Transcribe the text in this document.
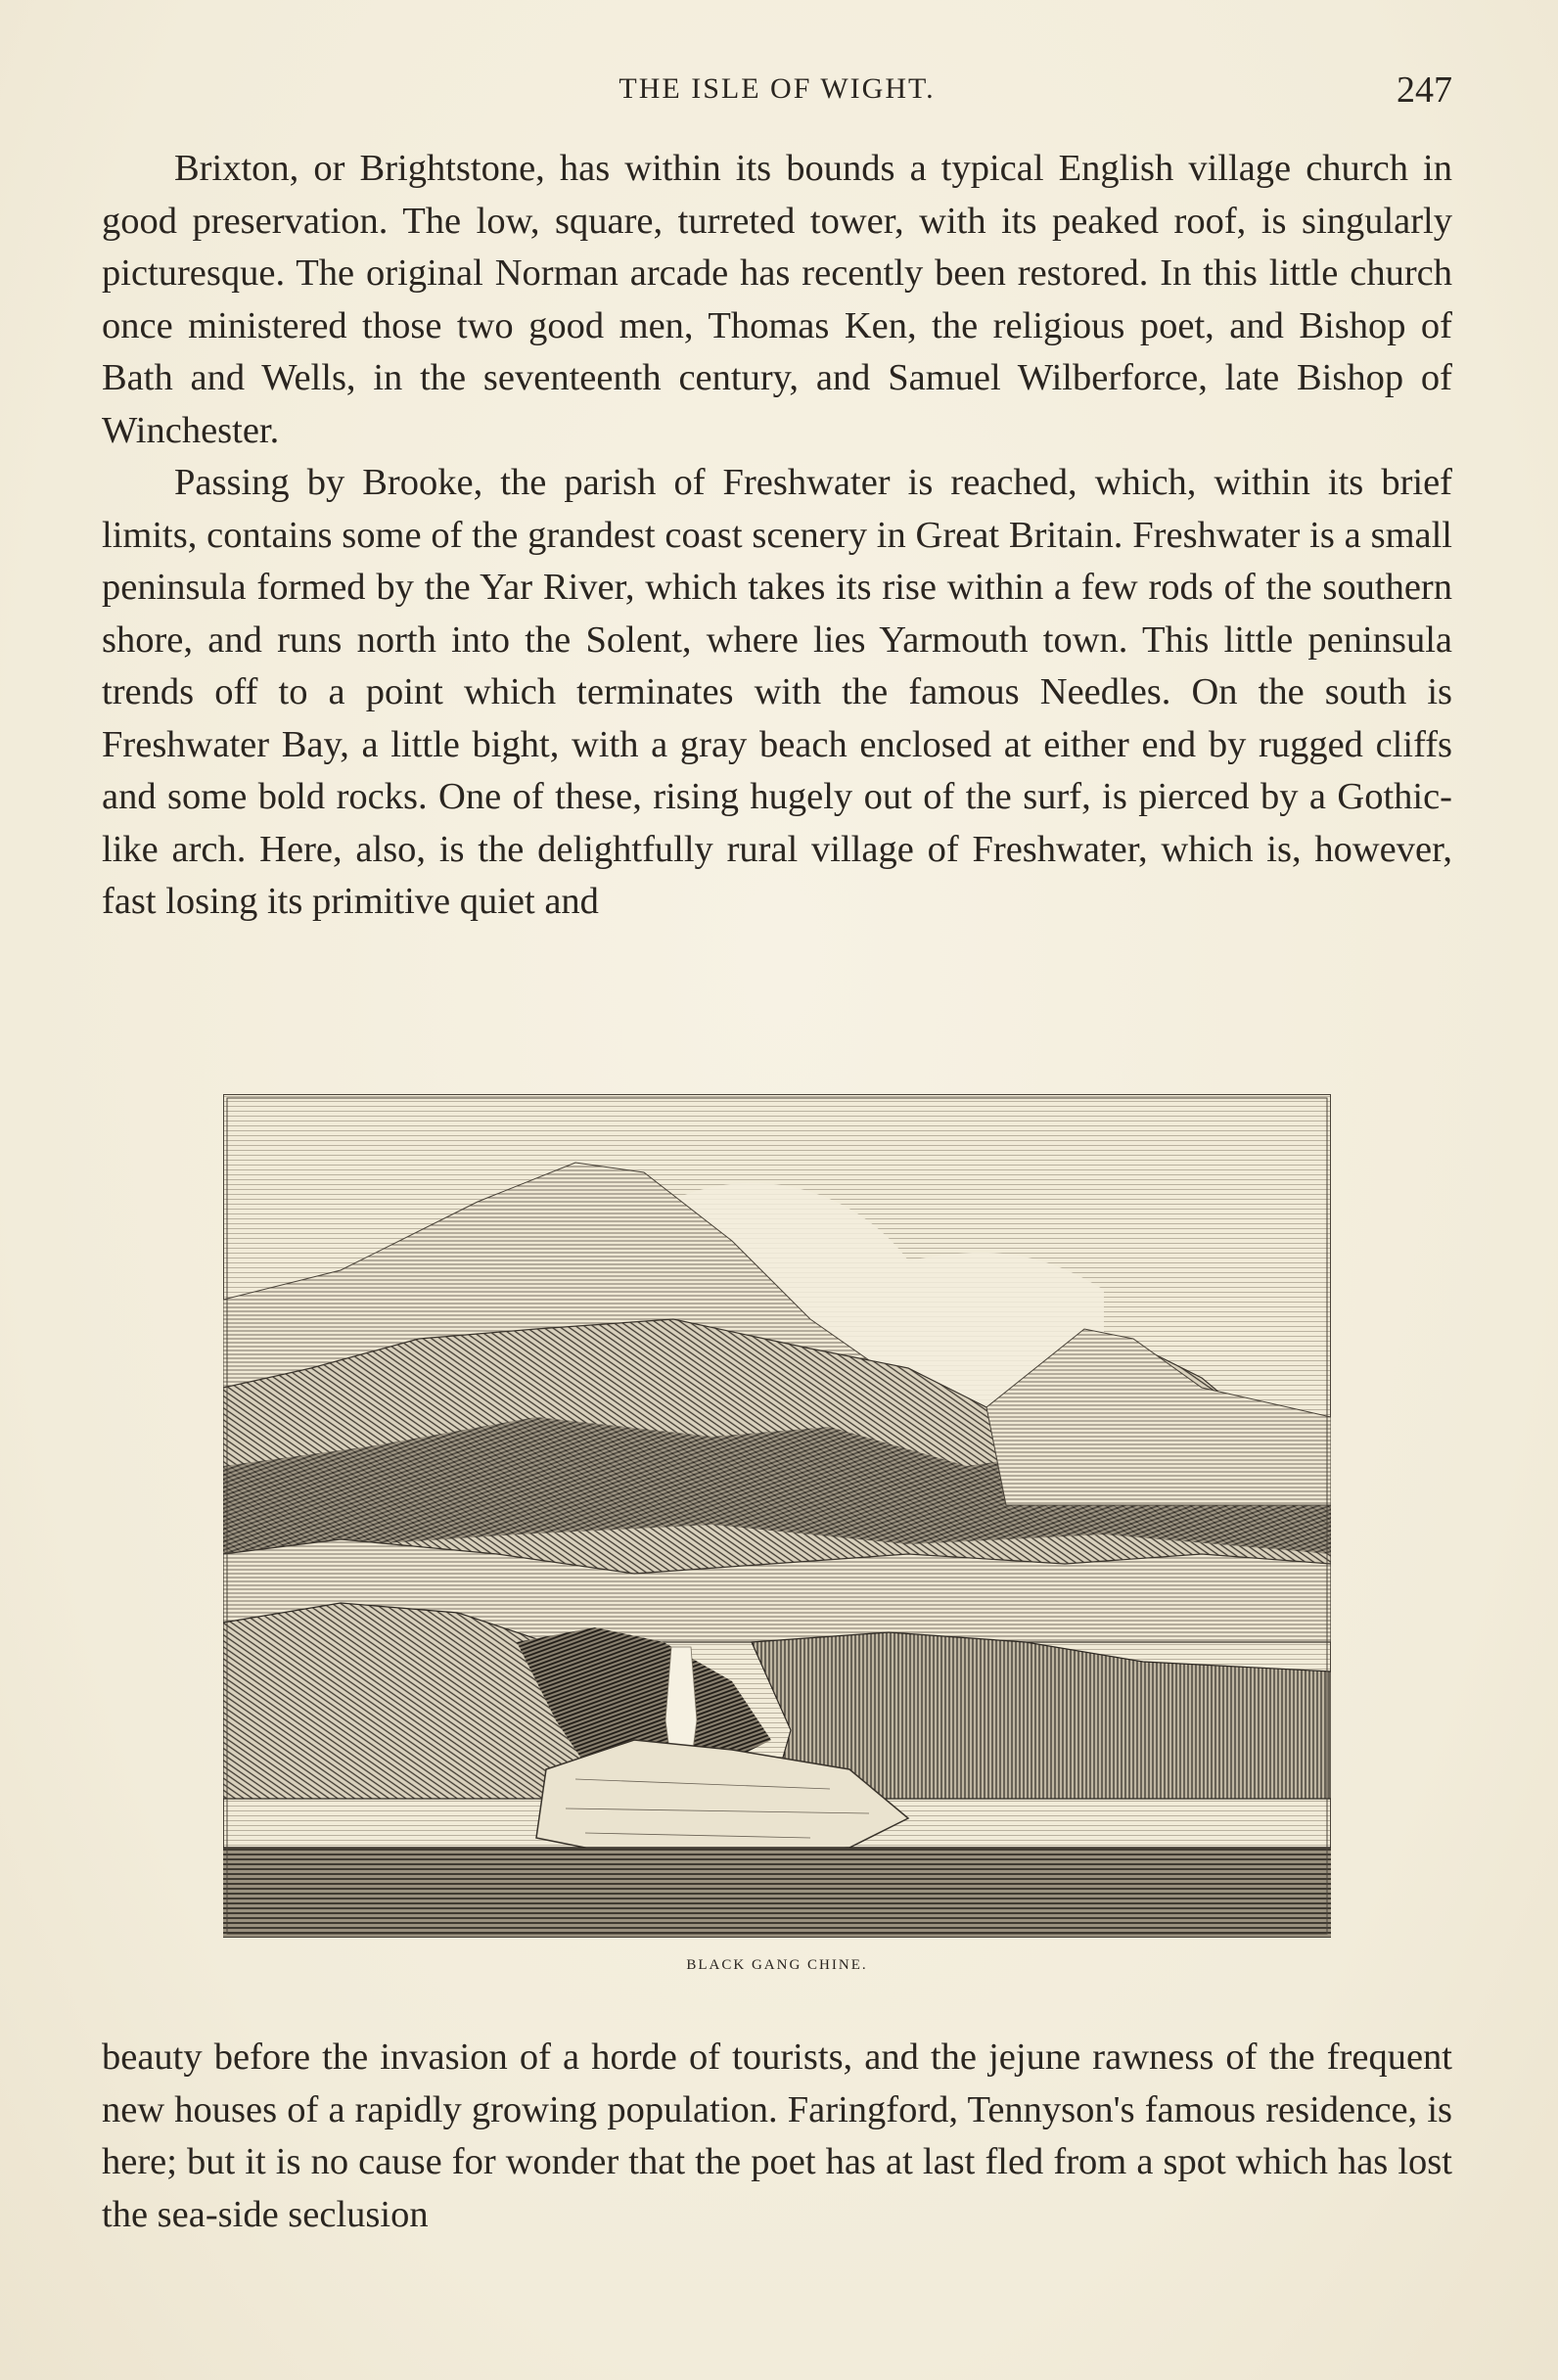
THE ISLE OF WIGHT.	247

Brixton, or Brightstone, has within its bounds a typical English village church in good preservation. The low, square, turreted tower, with its peaked roof, is singularly picturesque. The original Norman arcade has recently been restored. In this little church once ministered those two good men, Thomas Ken, the religious poet, and Bishop of Bath and Wells, in the seventeenth century, and Samuel Wilberforce, late Bishop of Winchester.

Passing by Brooke, the parish of Freshwater is reached, which, within its brief limits, contains some of the grandest coast scenery in Great Britain. Freshwater is a small peninsula formed by the Yar River, which takes its rise within a few rods of the southern shore, and runs north into the Solent, where lies Yarmouth town. This little peninsula trends off to a point which terminates with the famous Needles. On the south is Freshwater Bay, a little bight, with a gray beach enclosed at either end by rugged cliffs and some bold rocks. One of these, rising hugely out of the surf, is pierced by a Gothic-like arch. Here, also, is the delightfully rural village of Freshwater, which is, however, fast losing its primitive quiet and

BLACK GANG CHINE.

beauty before the invasion of a horde of tourists, and the jejune rawness of the frequent new houses of a rapidly growing population. Faringford, Tennyson's famous residence, is here; but it is no cause for wonder that the poet has at last fled from a spot which has lost the sea-side seclusion
